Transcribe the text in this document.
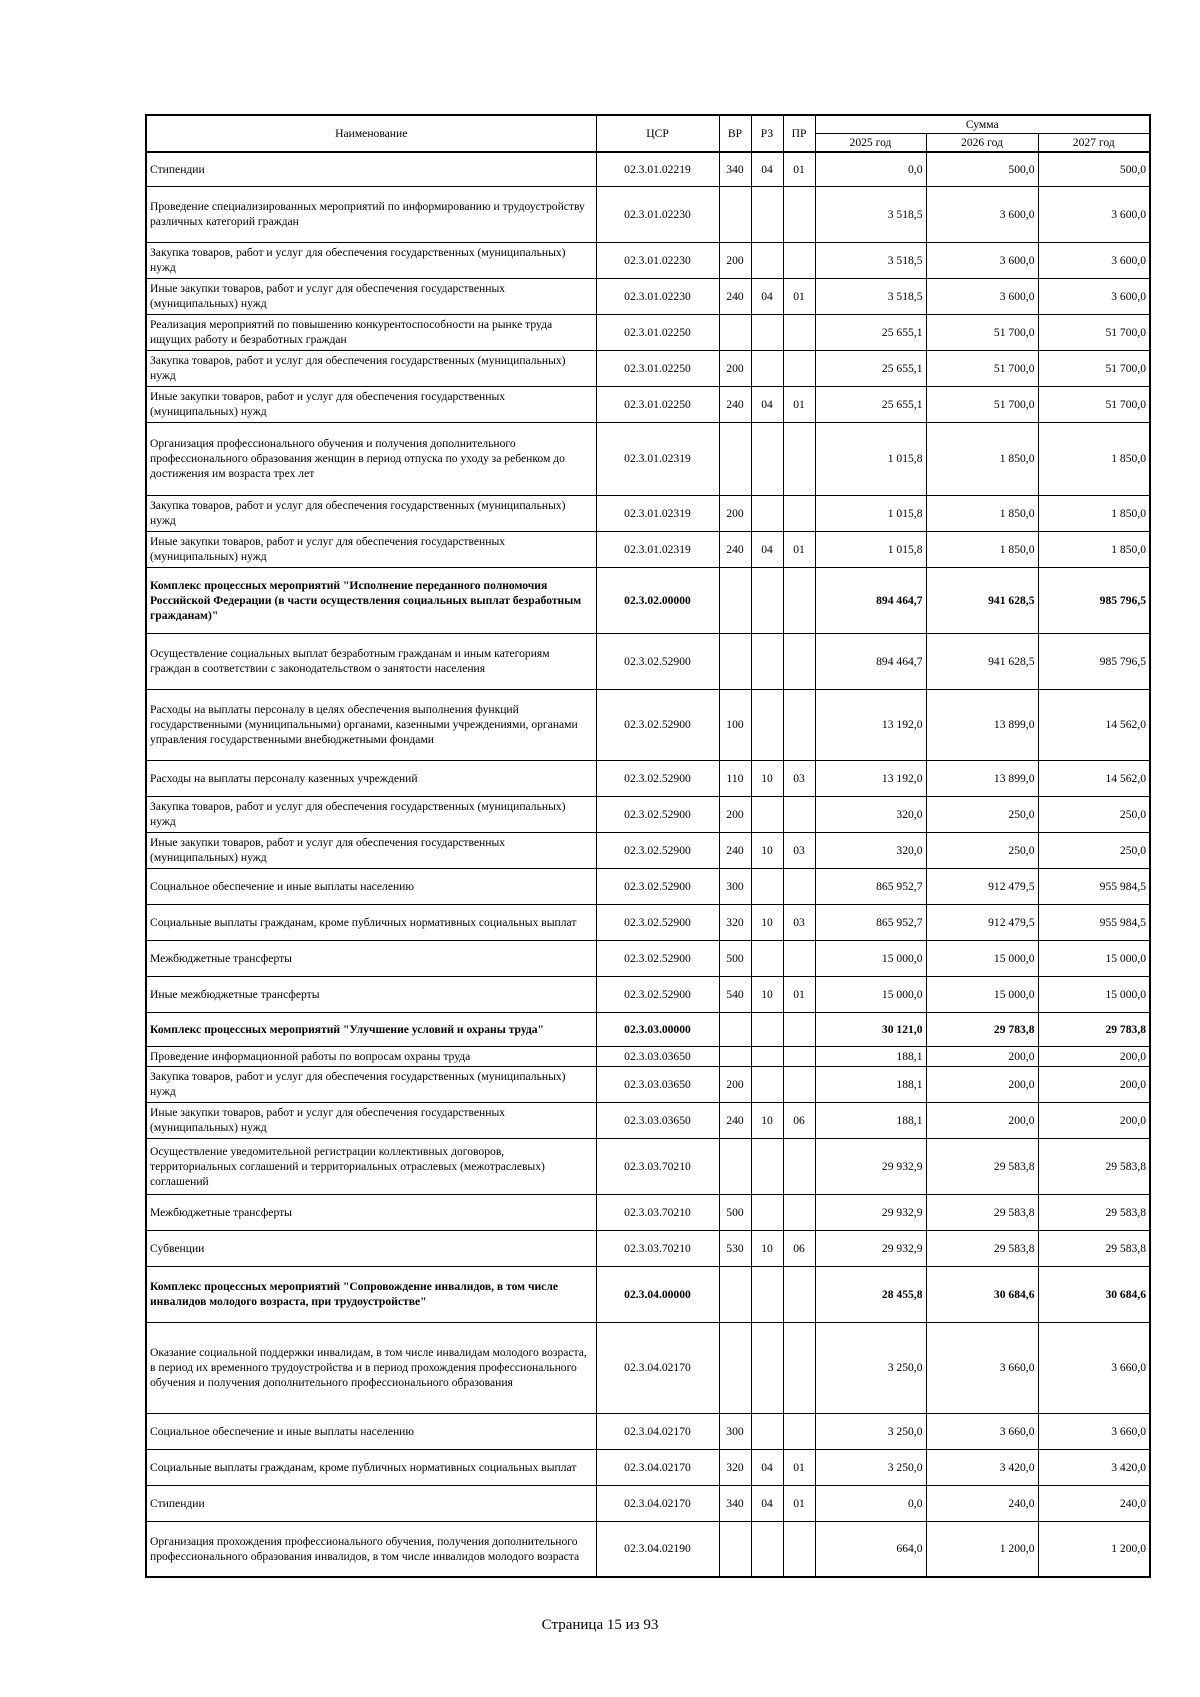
Наименование	ЦСР	ВР	РЗ	ПР	Сумма		
					2025 год	2026 год	2027 год
Стипендии	02.3.01.02219	340	04	01	0,0	500,0	500,0
Проведение специализированных мероприятий по информированию и трудоустройству различных категорий граждан	02.3.01.02230				3 518,5	3 600,0	3 600,0
Закупка товаров, работ и услуг для обеспечения государственных (муниципальных) нужд	02.3.01.02230	200			3 518,5	3 600,0	3 600,0
Иные закупки товаров, работ и услуг для обеспечения государственных (муниципальных) нужд	02.3.01.02230	240	04	01	3 518,5	3 600,0	3 600,0
Реализация мероприятий по повышению конкурентоспособности на рынке труда ищущих работу и безработных граждан	02.3.01.02250				25 655,1	51 700,0	51 700,0
Закупка товаров, работ и услуг для обеспечения государственных (муниципальных) нужд	02.3.01.02250	200			25 655,1	51 700,0	51 700,0
Иные закупки товаров, работ и услуг для обеспечения государственных (муниципальных) нужд	02.3.01.02250	240	04	01	25 655,1	51 700,0	51 700,0
Организация профессионального обучения и получения дополнительного профессионального образования женщин в период отпуска по уходу за ребенком до достижения им возраста трех лет	02.3.01.02319				1 015,8	1 850,0	1 850,0
Закупка товаров, работ и услуг для обеспечения государственных (муниципальных) нужд	02.3.01.02319	200			1 015,8	1 850,0	1 850,0
Иные закупки товаров, работ и услуг для обеспечения государственных (муниципальных) нужд	02.3.01.02319	240	04	01	1 015,8	1 850,0	1 850,0
Комплекс процессных мероприятий "Исполнение переданного полномочия Российской Федерации (в части осуществления социальных выплат безработным гражданам)"	02.3.02.00000				894 464,7	941 628,5	985 796,5
Осуществление социальных выплат безработным гражданам и иным категориям граждан в соответствии с законодательством о занятости населения	02.3.02.52900				894 464,7	941 628,5	985 796,5
Расходы на выплаты персоналу в целях обеспечения выполнения функций государственными (муниципальными) органами, казенными учреждениями, органами управления государственными внебюджетными фондами	02.3.02.52900	100			13 192,0	13 899,0	14 562,0
Расходы на выплаты персоналу казенных учреждений	02.3.02.52900	110	10	03	13 192,0	13 899,0	14 562,0
Закупка товаров, работ и услуг для обеспечения государственных (муниципальных) нужд	02.3.02.52900	200			320,0	250,0	250,0
Иные закупки товаров, работ и услуг для обеспечения государственных (муниципальных) нужд	02.3.02.52900	240	10	03	320,0	250,0	250,0
Социальное обеспечение и иные выплаты населению	02.3.02.52900	300			865 952,7	912 479,5	955 984,5
Социальные выплаты гражданам, кроме публичных нормативных социальных выплат	02.3.02.52900	320	10	03	865 952,7	912 479,5	955 984,5
Межбюджетные трансферты	02.3.02.52900	500			15 000,0	15 000,0	15 000,0
Иные межбюджетные трансферты	02.3.02.52900	540	10	01	15 000,0	15 000,0	15 000,0
Комплекс процессных мероприятий "Улучшение условий и охраны труда"	02.3.03.00000				30 121,0	29 783,8	29 783,8
Проведение информационной работы по вопросам охраны труда	02.3.03.03650				188,1	200,0	200,0
Закупка товаров, работ и услуг для обеспечения государственных (муниципальных) нужд	02.3.03.03650	200			188,1	200,0	200,0
Иные закупки товаров, работ и услуг для обеспечения государственных (муниципальных) нужд	02.3.03.03650	240	10	06	188,1	200,0	200,0
Осуществление уведомительной регистрации коллективных договоров, территориальных соглашений и территориальных отраслевых (межотраслевых) соглашений	02.3.03.70210				29 932,9	29 583,8	29 583,8
Межбюджетные трансферты	02.3.03.70210	500			29 932,9	29 583,8	29 583,8
Субвенции	02.3.03.70210	530	10	06	29 932,9	29 583,8	29 583,8
Комплекс процессных мероприятий "Сопровождение инвалидов, в том числе инвалидов молодого возраста, при трудоустройстве"	02.3.04.00000				28 455,8	30 684,6	30 684,6
Оказание социальной поддержки инвалидам, в том числе инвалидам молодого возраста, в период их временного трудоустройства и в период прохождения профессионального обучения и получения дополнительного профессионального образования	02.3.04.02170				3 250,0	3 660,0	3 660,0
Социальное обеспечение и иные выплаты населению	02.3.04.02170	300			3 250,0	3 660,0	3 660,0
Социальные выплаты гражданам, кроме публичных нормативных социальных выплат	02.3.04.02170	320	04	01	3 250,0	3 420,0	3 420,0
Стипендии	02.3.04.02170	340	04	01	0,0	240,0	240,0
Организация прохождения профессионального обучения, получения дополнительного профессионального образования инвалидов, в том числе инвалидов молодого возраста	02.3.04.02190				664,0	1 200,0	1 200,0
Страница 15 из 93
